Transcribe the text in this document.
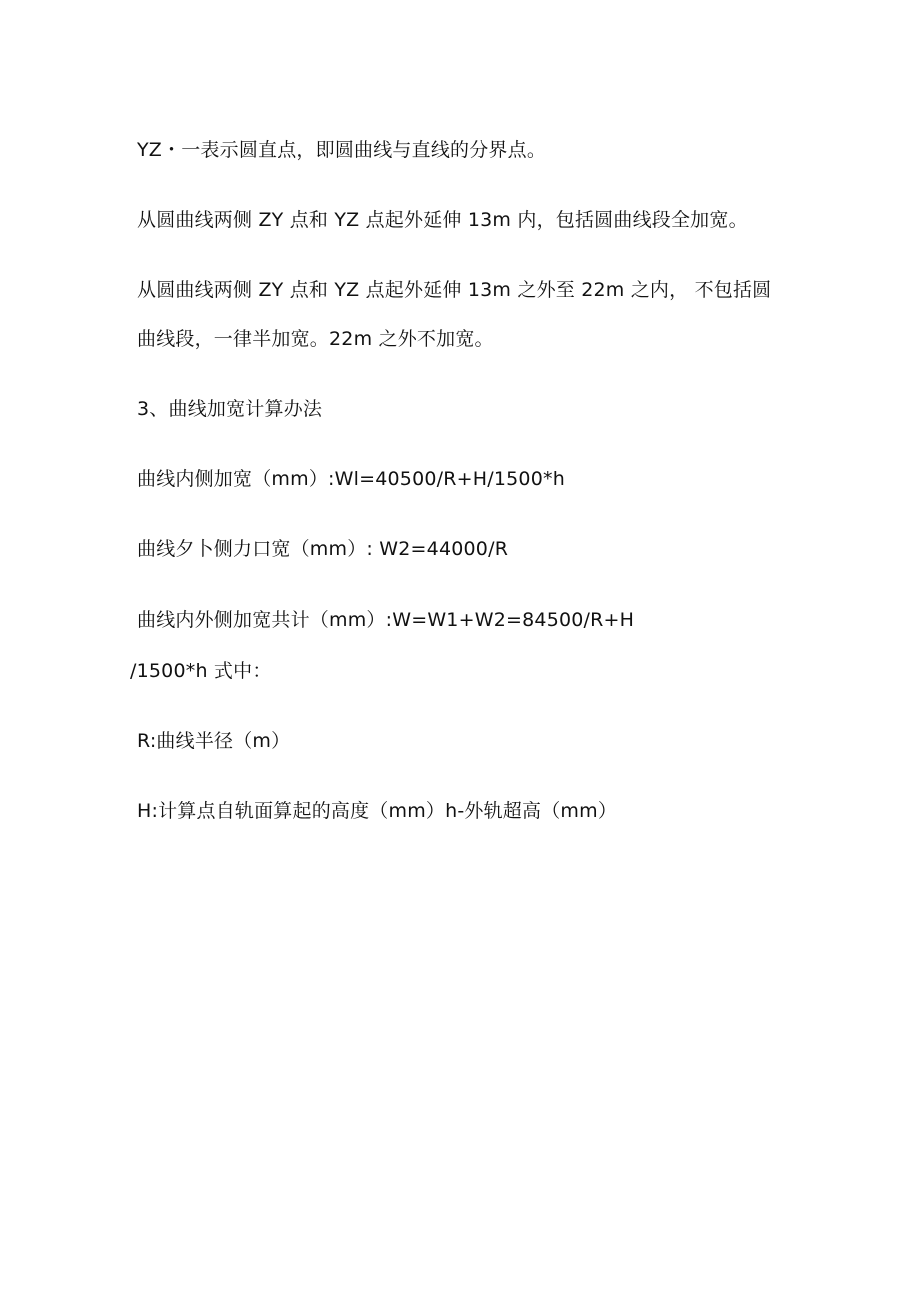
YZ・一表示圆直点，即圆曲线与直线的分界点。
从圆曲线两侧 ZY 点和 YZ 点起外延伸 13m 内，包括圆曲线段全加宽。
从圆曲线两侧 ZY 点和 YZ 点起外延伸 13m 之外至 22m 之内， 不包括圆
曲线段，一律半加宽。22m 之外不加宽。
3、曲线加宽计算办法
曲线内侧加宽（mm）:Wl=40500/R+H/1500*h
曲线夕卜侧力口宽（mm）: W2=44000/R
曲线内外侧加宽共计（mm）:W=W1+W2=84500/R+H
/1500*h 式中：
R:曲线半径（m）
H:计算点自轨面算起的高度（mm）h-外轨超高（mm）
